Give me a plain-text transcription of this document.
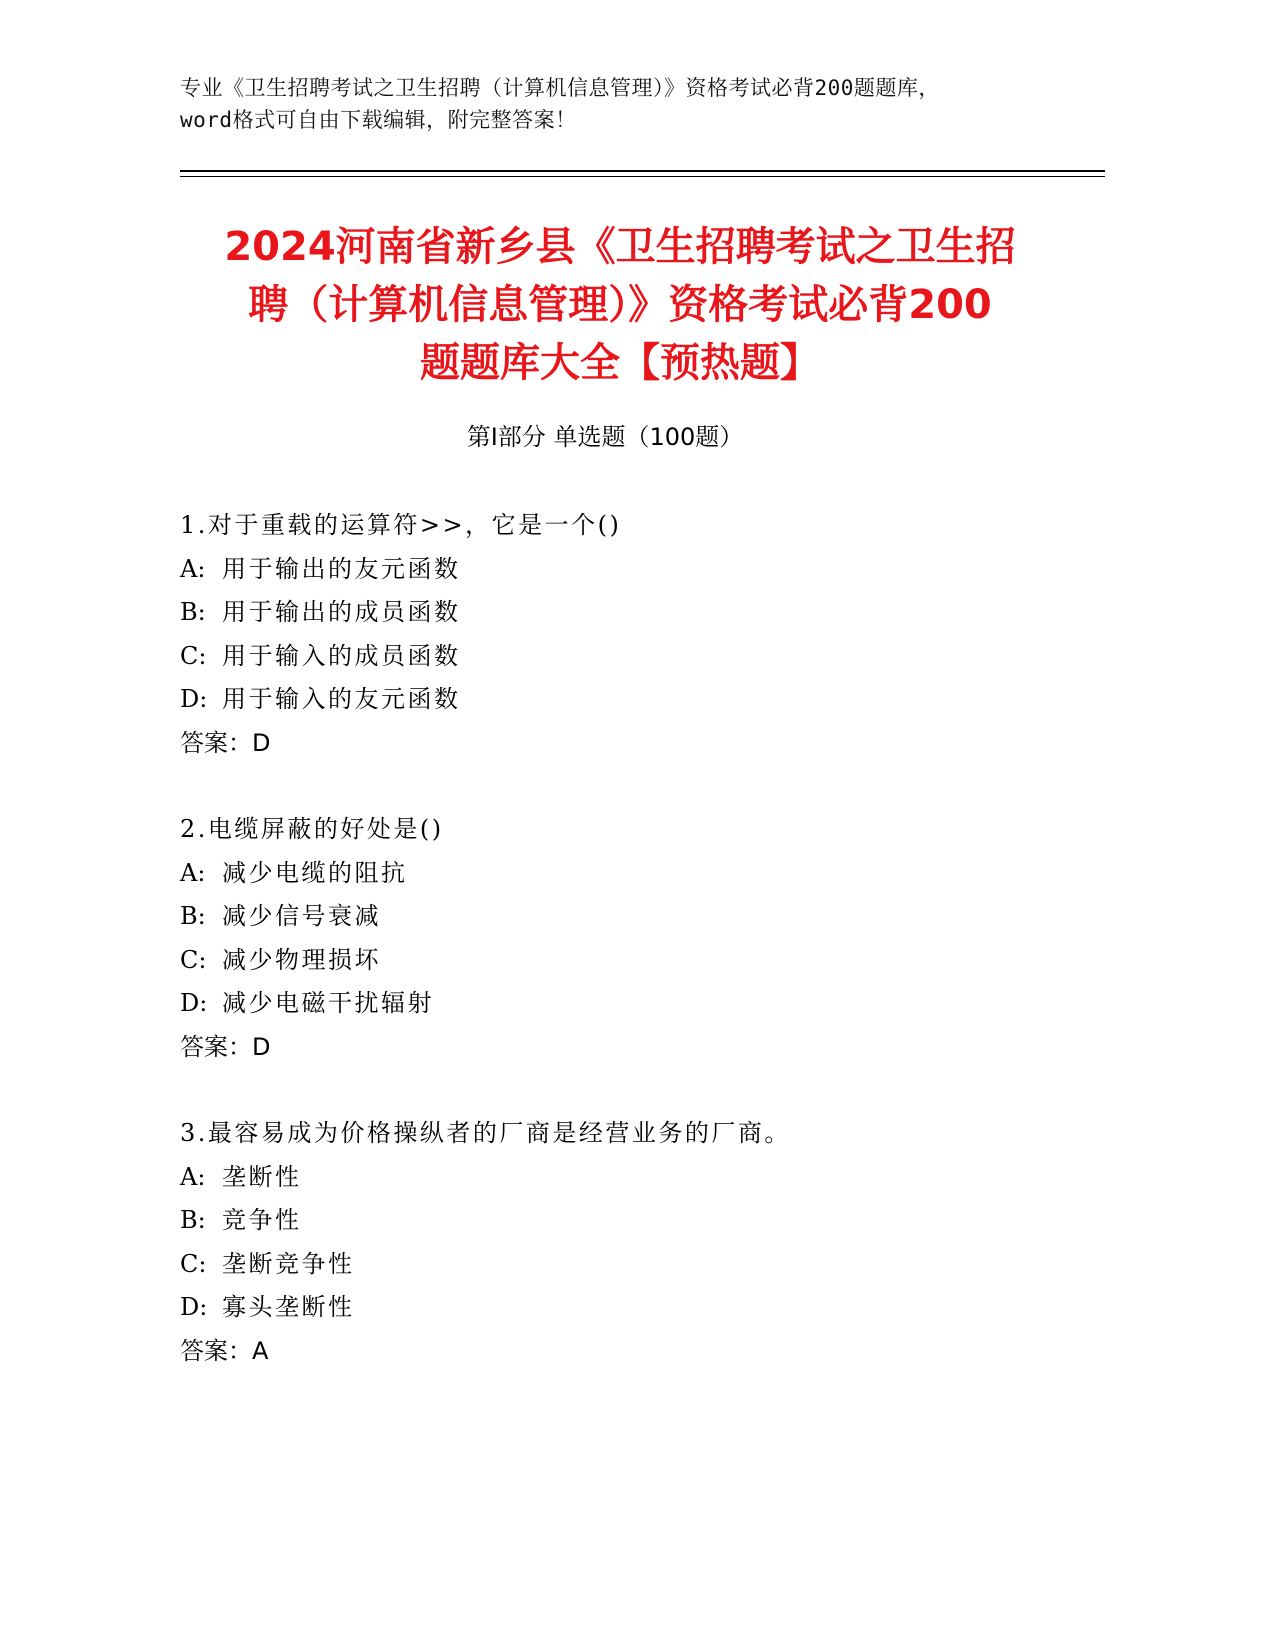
专业《卫生招聘考试之卫生招聘（计算机信息管理）》资格考试必背200题题库，
word格式可自由下载编辑，附完整答案！
2024河南省新乡县《卫生招聘考试之卫生招
聘（计算机信息管理）》资格考试必背200
题题库大全【预热题】
第I部分 单选题（100题）
1.对于重载的运算符>>，它是一个()
A: 用于输出的友元函数
B: 用于输出的成员函数
C: 用于输入的成员函数
D: 用于输入的友元函数
答案：D
2.电缆屏蔽的好处是()
A: 减少电缆的阻抗
B: 减少信号衰减
C: 减少物理损坏
D: 减少电磁干扰辐射
答案：D
3.最容易成为价格操纵者的厂商是经营业务的厂商。
A: 垄断性
B: 竞争性
C: 垄断竞争性
D: 寡头垄断性
答案：A
